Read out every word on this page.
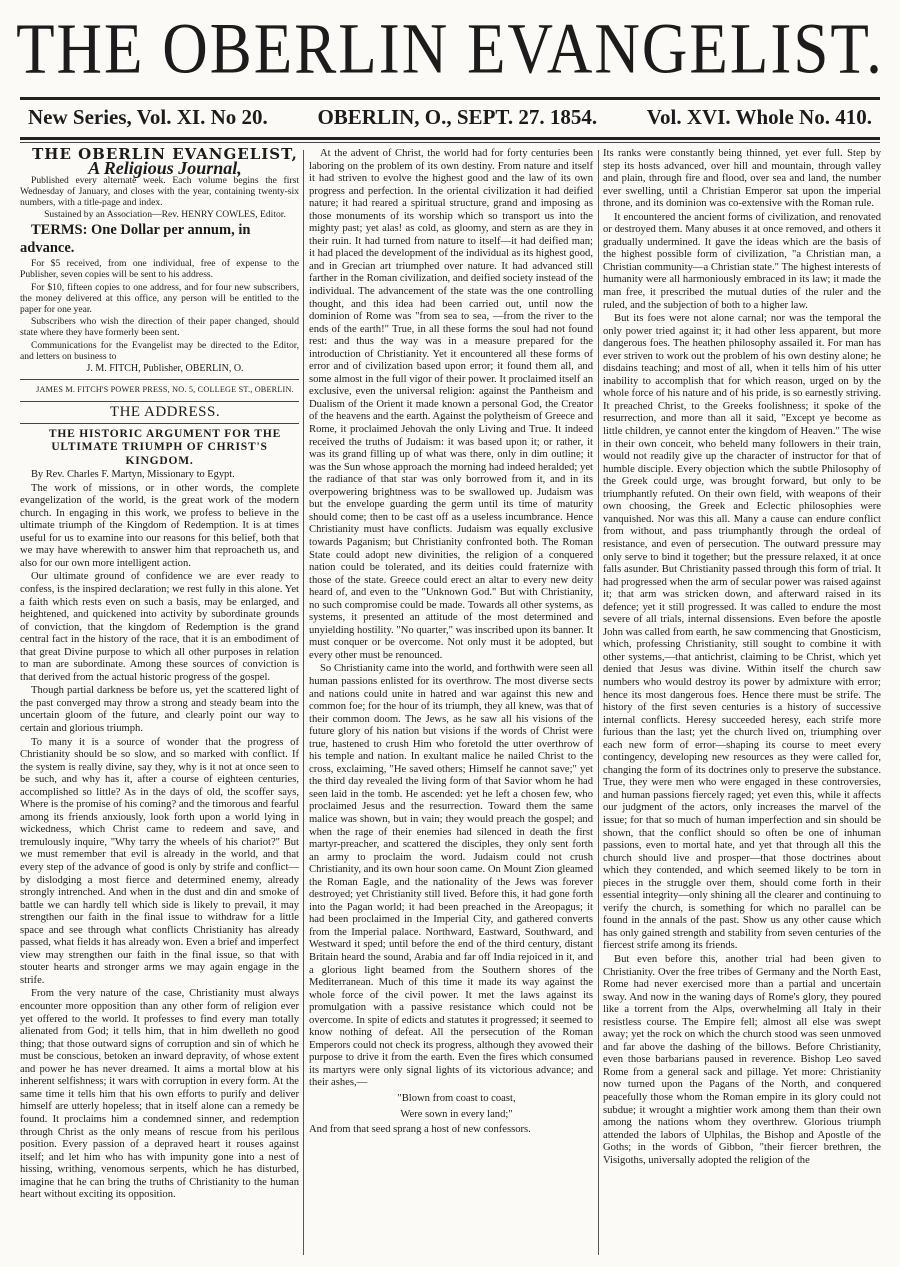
THE OBERLIN EVANGELIST.
New Series, Vol. XI. No 20. OBERLIN, O., SEPT. 27. 1854. Vol. XVI. Whole No. 410.

THE OBERLIN EVANGELIST,

A Religious Journal,

Published every alternate week. Each volume begins the first Wednesday of January, and closes with the year, containing twenty-six numbers, with a title-page and index.

Sustained by an Association—Rev. HENRY COWLES, Editor.

TERMS: One Dollar per annum, in advance.

For $5 received, from one individual, free of expense to the Publisher, seven copies will be sent to his address.

For $10, fifteen copies to one address, and for four new subscribers, the money delivered at this office, any person will be entitled to the paper for one year.

Subscribers who wish the direction of their paper changed, should state where they have formerly been sent.

Communications for the Evangelist may be directed to the Editor, and letters on business to

J. M. FITCH, Publisher, OBERLIN, O.

JAMES M. FITCH'S POWER PRESS, NO. 5, COLLEGE ST., OBERLIN.

THE ADDRESS.

THE HISTORIC ARGUMENT FOR THE ULTIMATE TRIUMPH OF CHRIST'S KINGDOM.

By Rev. Charles F. Martyn, Missionary to Egypt.

The work of missions, or in other words, the complete evangelization of the world, is the great work of the modern church. In engaging in this work, we profess to believe in the ultimate triumph of the Kingdom of Redemption. It is at times useful for us to examine into our reasons for this belief, both that we may have wherewith to answer him that reproacheth us, and also for our own more intelligent action.

Our ultimate ground of confidence we are ever ready to confess, is the inspired declaration; we rest fully in this alone. Yet a faith which rests even on such a basis, may be enlarged, and heightened, and quickened into activity by subordinate grounds of conviction, that the kingdom of Redemption is the grand central fact in the history of the race, that it is an embodiment of that great Divine purpose to which all other purposes in relation to man are subordinate. Among these sources of conviction is that derived from the actual historic progress of the gospel.

Though partial darkness be before us, yet the scattered light of the past converged may throw a strong and steady beam into the uncertain gloom of the future, and clearly point our way to certain and glorious triumph.

To many it is a source of wonder that the progress of Christianity should be so slow, and so marked with conflict. If the system is really divine, say they, why is it not at once seen to be such, and why has it, after a course of eighteen centuries, accomplished so little? As in the days of old, the scoffer says, Where is the promise of his coming? and the timorous and fearful among its friends anxiously, look forth upon a world lying in wickedness, which Christ came to redeem and save, and tremulously inquire, "Why tarry the wheels of his chariot?" But we must remember that evil is already in the world, and that every step of the advance of good is only by strife and conflict—by dislodging a most fierce and determined enemy, already strongly intrenched. And when in the dust and din and smoke of battle we can hardly tell which side is likely to prevail, it may strengthen our faith in the final issue to withdraw for a little space and see through what conflicts Christianity has already passed, what fields it has already won. Even a brief and imperfect view may strengthen our faith in the final issue, so that with stouter hearts and stronger arms we may again engage in the strife.

From the very nature of the case, Christianity must always encounter more opposition than any other form of religion ever yet offered to the world. It professes to find every man totally alienated from God; it tells him, that in him dwelleth no good thing; that those outward signs of corruption and sin of which he must be conscious, betoken an inward depravity, of whose extent and power he has never dreamed. It aims a mortal blow at his inherent selfishness; it wars with corruption in every form. At the same time it tells him that his own efforts to purify and deliver himself are utterly hopeless; that in itself alone can a remedy be found. It proclaims him a condemned sinner, and redemption through Christ as the only means of rescue from his perilous position. Every passion of a depraved heart it rouses against itself; and let him who has with impunity gone into a nest of hissing, writhing, venomous serpents, which he has disturbed, imagine that he can bring the truths of Christianity to the human heart without exciting its opposition.

At the advent of Christ, the world had for forty centuries been laboring on the problem of its own destiny. From nature and itself it had striven to evolve the highest good and the law of its own progress and perfection. In the oriental civilization it had deified nature; it had reared a spiritual structure, grand and imposing as those monuments of its worship which so transport us into the mighty past; yet alas! as cold, as gloomy, and stern as are they in their ruin. It had turned from nature to itself—it had deified man; it had placed the development of the individual as its highest good, and in Grecian art triumphed over nature. It had advanced still farther in the Roman civilization, and deified society instead of the individual. The advancement of the state was the one controlling thought, and this idea had been carried out, until now the dominion of Rome was "from sea to sea, —from the river to the ends of the earth!" True, in all these forms the soul had not found rest: and thus the way was in a measure prepared for the introduction of Christianity. Yet it encountered all these forms of error and of civilization based upon error; it found them all, and some almost in the full vigor of their power. It proclaimed itself an exclusive, even the universal religion: against the Pantheism and Dualism of the Orient it made known a personal God, the Creator of the heavens and the earth. Against the polytheism of Greece and Rome, it proclaimed Jehovah the only Living and True. It indeed received the truths of Judaism: it was based upon it; or rather, it was its grand filling up of what was there, only in dim outline; it was the Sun whose approach the morning had indeed heralded; yet the radiance of that star was only borrowed from it, and in its overpowering brightness was to be swallowed up. Judaism was but the envelope guarding the germ until its time of maturity should come; then to be cast off as a useless incumbrance. Hence Christianity must have conflicts. Judaism was equally exclusive towards Paganism; but Christianity confronted both. The Roman State could adopt new divinities, the religion of a conquered nation could be tolerated, and its deities could fraternize with those of the state. Greece could erect an altar to every new deity heard of, and even to the "Unknown God." But with Christianity, no such compromise could be made. Towards all other systems, as systems, it presented an attitude of the most determined and unyielding hostility. "No quarter," was inscribed upon its banner. It must conquer or be overcome. Not only must it be adopted, but every other must be renounced.

So Christianity came into the world, and forthwith were seen all human passions enlisted for its overthrow. The most diverse sects and nations could unite in hatred and war against this new and common foe; for the hour of its triumph, they all knew, was that of their common doom. The Jews, as he saw all his visions of the future glory of his nation but visions if the words of Christ were true, hastened to crush Him who foretold the utter overthrow of his temple and nation. In exultant malice he nailed Christ to the cross, exclaiming, "He saved others; Himself he cannot save;" yet the third day revealed the living form of that Savior whom he had seen laid in the tomb. He ascended: yet he left a chosen few, who proclaimed Jesus and the resurrection. Toward them the same malice was shown, but in vain; they would preach the gospel; and when the rage of their enemies had silenced in death the first martyr-preacher, and scattered the disciples, they only sent forth an army to proclaim the word. Judaism could not crush Christianity, and its own hour soon came. On Mount Zion gleamed the Roman Eagle, and the nationality of the Jews was forever destroyed; yet Christianity still lived. Before this, it had gone forth into the Pagan world; it had been preached in the Areopagus; it had been proclaimed in the Imperial City, and gathered converts from the Imperial palace. Northward, Eastward, Southward, and Westward it sped; until before the end of the third century, distant Britain heard the sound, Arabia and far off India rejoiced in it, and a glorious light beamed from the Southern shores of the Mediterranean. Much of this time it made its way against the whole force of the civil power. It met the laws against its promulgation with a passive resistance which could not be overcome. In spite of edicts and statutes it progressed; it seemed to know nothing of defeat. All the persecution of the Roman Emperors could not check its progress, although they avowed their purpose to drive it from the earth. Even the fires which consumed its martyrs were only signal lights of its victorious advance; and their ashes,—

"Blown from coast to coast,
Were sown in every land;"

And from that seed sprang a host of new confessors.

Its ranks were constantly being thinned, yet ever full. Step by step its hosts advanced, over hill and mountain, through valley and plain, through fire and flood, over sea and land, the number ever swelling, until a Christian Emperor sat upon the imperial throne, and its dominion was co-extensive with the Roman rule.

It encountered the ancient forms of civilization, and renovated or destroyed them. Many abuses it at once removed, and others it gradually undermined. It gave the ideas which are the basis of the highest possible form of civilization, "a Christian man, a Christian community—a Christian state." The highest interests of humanity were all harmoniously embraced in its law; it made the man free, it prescribed the mutual duties of the ruler and the ruled, and the subjection of both to a higher law.

But its foes were not alone carnal; nor was the temporal the only power tried against it; it had other less apparent, but more dangerous foes. The heathen philosophy assailed it. For man has ever striven to work out the problem of his own destiny alone; he disdains teaching; and most of all, when it tells him of his utter inability to accomplish that for which reason, urged on by the whole force of his nature and of his pride, is so earnestly striving. It preached Christ, to the Greeks foolishness; it spoke of the resurrection, and more than all it said, "Except ye become as little children, ye cannot enter the kingdom of Heaven." The wise in their own conceit, who beheld many followers in their train, would not readily give up the character of instructor for that of humble disciple. Every objection which the subtle Philosophy of the Greek could urge, was brought forward, but only to be triumphantly refuted. On their own field, with weapons of their own choosing, the Greek and Eclectic philosophies were vanquished. Nor was this all. Many a cause can endure conflict from without, and pass triumphantly through the ordeal of resistance, and even of persecution. The outward pressure may only serve to bind it together; but the pressure relaxed, it at once falls asunder. But Christianity passed through this form of trial. It had progressed when the arm of secular power was raised against it; that arm was stricken down, and afterward raised in its defence; yet it still progressed. It was called to endure the most severe of all trials, internal dissensions. Even before the apostle John was called from earth, he saw commencing that Gnosticism, which, professing Christianity, still sought to combine it with other systems,—that antichrist, claiming to be Christ, which yet denied that Jesus was divine. Within itself the church saw numbers who would destroy its power by admixture with error; hence its most dangerous foes. Hence there must be strife. The history of the first seven centuries is a history of successive internal conflicts. Heresy succeeded heresy, each strife more furious than the last; yet the church lived on, triumphing over each new form of error—shaping its course to meet every contingency, developing new resources as they were called for, changing the form of its doctrines only to preserve the substance. True, they were men who were engaged in these controversies, and human passions fiercely raged; yet even this, while it affects our judgment of the actors, only increases the marvel of the issue; for that so much of human imperfection and sin should be shown, that the conflict should so often be one of inhuman passions, even to mortal hate, and yet that through all this the church should live and prosper—that those doctrines about which they contended, and which seemed likely to be torn in pieces in the struggle over them, should come forth in their essential integrity—only shining all the clearer and continuing to verify the church, is something for which no parallel can be found in the annals of the past. Show us any other cause which has only gained strength and stability from seven centuries of the fiercest strife among its friends.

But even before this, another trial had been given to Christianity. Over the free tribes of Germany and the North East, Rome had never exercised more than a partial and uncertain sway. And now in the waning days of Rome's glory, they poured like a torrent from the Alps, overwhelming all Italy in their resistless course. The Empire fell; almost all else was swept away; yet the rock on which the church stood was seen unmoved and far above the dashing of the billows. Before Christianity, even those barbarians paused in reverence. Bishop Leo saved Rome from a general sack and pillage. Yet more: Christianity now turned upon the Pagans of the North, and conquered peacefully those whom the Roman empire in its glory could not subdue; it wrought a mightier work among them than their own among the nations whom they overthrew. Glorious triumph attended the labors of Ulphilas, the Bishop and Apostle of the Goths; in the words of Gibbon, "their fiercer brethren, the Visigoths, universally adopted the religion of the
